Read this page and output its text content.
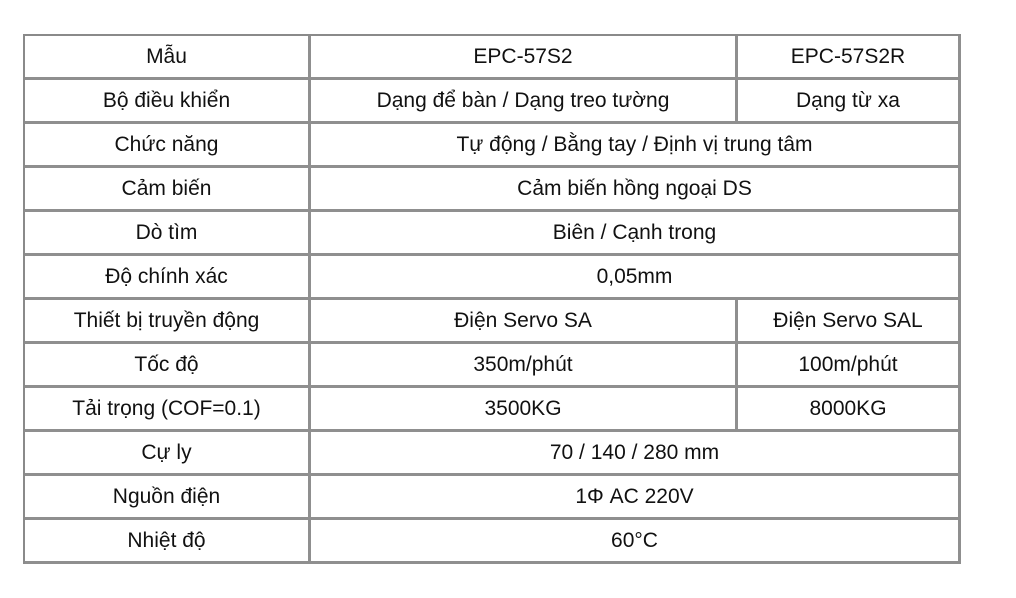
Mẫu	EPC-57S2	EPC-57S2R
Bộ điều khiển	Dạng để bàn / Dạng treo tường	Dạng từ xa
Chức năng	Tự động / Bằng tay / Định vị trung tâm	
Cảm biến	Cảm biến hồng ngoại DS	
Dò tìm	Biên / Cạnh trong	
Độ chính xác	0,05mm	
Thiết bị truyền động	Điện Servo SA	Điện Servo SAL
Tốc độ	350m/phút	100m/phút
Tải trọng (COF=0.1)	3500KG	8000KG
Cự ly	70 / 140 / 280 mm	
Nguồn điện	1Φ AC 220V	
Nhiệt độ	60°C	
